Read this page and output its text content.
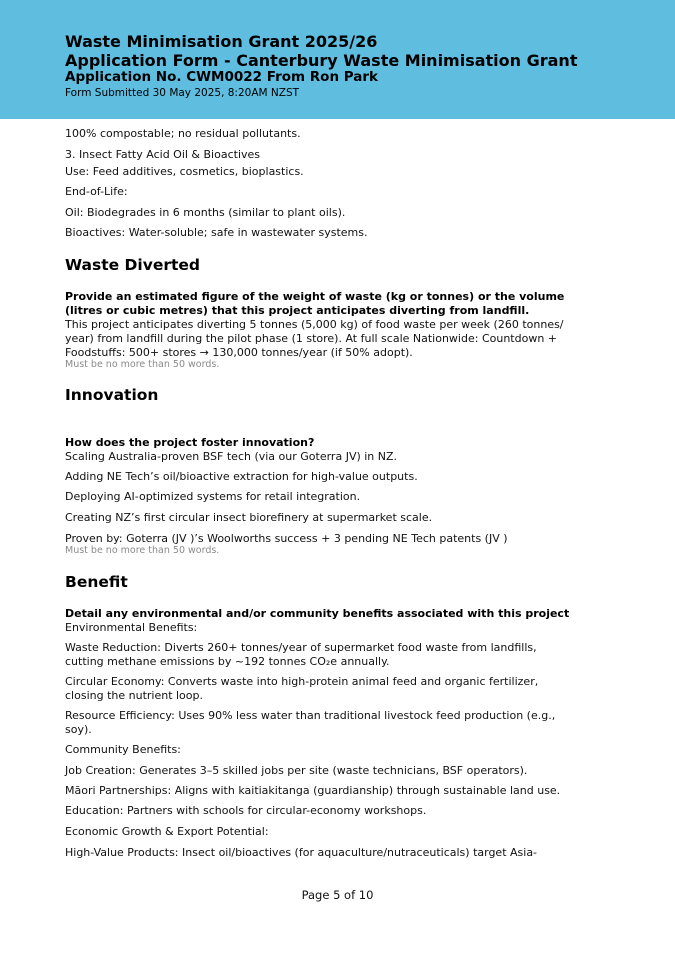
Waste Minimisation Grant 2025/26
Application Form - Canterbury Waste Minimisation Grant
Application No. CWM0022 From Ron Park
Form Submitted 30 May 2025, 8:20AM NZST
100% compostable; no residual pollutants.
3. Insect Fatty Acid Oil & Bioactives
Use: Feed additives, cosmetics, bioplastics.
End-of-Life:
Oil: Biodegrades in 6 months (similar to plant oils).
Bioactives: Water-soluble; safe in wastewater systems.
Waste Diverted
Provide an estimated figure of the weight of waste (kg or tonnes) or the volume
(litres or cubic metres) that this project anticipates diverting from landfill.
This project anticipates diverting 5 tonnes (5,000 kg) of food waste per week (260 tonnes/
year) from landfill during the pilot phase (1 store). At full scale Nationwide: Countdown +
Foodstuffs: 500+ stores → 130,000 tonnes/year (if 50% adopt).
Must be no more than 50 words.
Innovation
How does the project foster innovation?
Scaling Australia-proven BSF tech (via our Goterra JV) in NZ.
Adding NE Tech’s oil/bioactive extraction for high-value outputs.
Deploying AI-optimized systems for retail integration.
Creating NZ’s first circular insect biorefinery at supermarket scale.
Proven by: Goterra (JV )’s Woolworths success + 3 pending NE Tech patents (JV )
Must be no more than 50 words.
Benefit
Detail any environmental and/or community benefits associated with this project
Environmental Benefits:
Waste Reduction: Diverts 260+ tonnes/year of supermarket food waste from landfills,
cutting methane emissions by ~192 tonnes CO₂e annually.
Circular Economy: Converts waste into high-protein animal feed and organic fertilizer,
closing the nutrient loop.
Resource Efficiency: Uses 90% less water than traditional livestock feed production (e.g.,
soy).
Community Benefits:
Job Creation: Generates 3–5 skilled jobs per site (waste technicians, BSF operators).
Māori Partnerships: Aligns with kaitiakitanga (guardianship) through sustainable land use.
Education: Partners with schools for circular-economy workshops.
Economic Growth & Export Potential:
High-Value Products: Insect oil/bioactives (for aquaculture/nutraceuticals) target Asia-
Page 5 of 10
